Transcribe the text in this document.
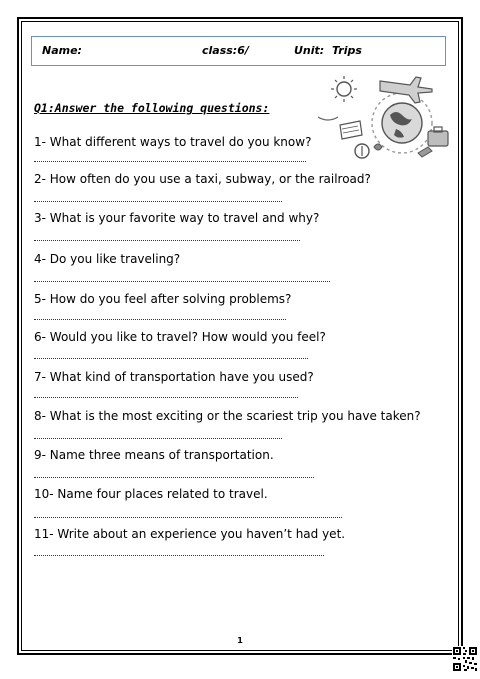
Name:	class:6/	Unit: Trips
Q1:Answer the following questions:
1- What different ways to travel do you know?
2- How often do you use a taxi, subway, or the railroad?
3- What is your favorite way to travel and why?
4- Do you like traveling?
5- How do you feel after solving problems?
6- Would you like to travel? How would you feel?
7- What kind of transportation have you used?
8- What is the most exciting or the scariest trip you have taken?
9- Name three means of transportation.
10- Name four places related to travel.
11- Write about an experience you haven’t had yet.
1
